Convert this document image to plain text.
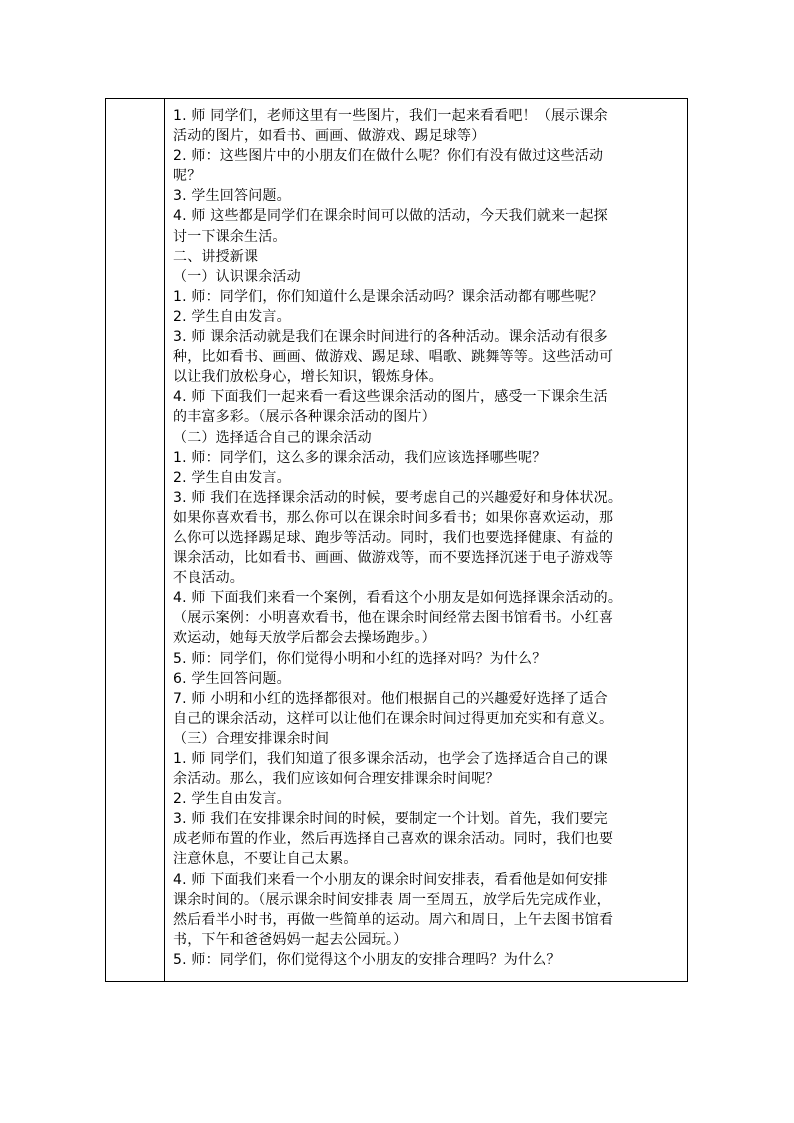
1. 师 同学们，老师这里有一些图片，我们一起来看看吧！（展示课余
活动的图片，如看书、画画、做游戏、踢足球等）
2. 师：这些图片中的小朋友们在做什么呢？你们有没有做过这些活动
呢？
3. 学生回答问题。
4. 师 这些都是同学们在课余时间可以做的活动，今天我们就来一起探
讨一下课余生活。
二、讲授新课
（一）认识课余活动
1. 师：同学们，你们知道什么是课余活动吗？课余活动都有哪些呢？
2. 学生自由发言。
3. 师 课余活动就是我们在课余时间进行的各种活动。课余活动有很多
种，比如看书、画画、做游戏、踢足球、唱歌、跳舞等等。这些活动可
以让我们放松身心，增长知识，锻炼身体。
4. 师 下面我们一起来看一看这些课余活动的图片，感受一下课余生活
的丰富多彩。（展示各种课余活动的图片）
（二）选择适合自己的课余活动
1. 师：同学们，这么多的课余活动，我们应该选择哪些呢？
2. 学生自由发言。
3. 师 我们在选择课余活动的时候，要考虑自己的兴趣爱好和身体状况。
如果你喜欢看书，那么你可以在课余时间多看书；如果你喜欢运动，那
么你可以选择踢足球、跑步等活动。同时，我们也要选择健康、有益的
课余活动，比如看书、画画、做游戏等，而不要选择沉迷于电子游戏等
不良活动。
4. 师 下面我们来看一个案例，看看这个小朋友是如何选择课余活动的。
（展示案例：小明喜欢看书，他在课余时间经常去图书馆看书。小红喜
欢运动，她每天放学后都会去操场跑步。）
5. 师：同学们，你们觉得小明和小红的选择对吗？为什么？
6. 学生回答问题。
7. 师 小明和小红的选择都很对。他们根据自己的兴趣爱好选择了适合
自己的课余活动，这样可以让他们在课余时间过得更加充实和有意义。
（三）合理安排课余时间
1. 师 同学们，我们知道了很多课余活动，也学会了选择适合自己的课
余活动。那么，我们应该如何合理安排课余时间呢？
2. 学生自由发言。
3. 师 我们在安排课余时间的时候，要制定一个计划。首先，我们要完
成老师布置的作业，然后再选择自己喜欢的课余活动。同时，我们也要
注意休息，不要让自己太累。
4. 师 下面我们来看一个小朋友的课余时间安排表，看看他是如何安排
课余时间的。（展示课余时间安排表 周一至周五，放学后先完成作业，
然后看半小时书，再做一些简单的运动。周六和周日，上午去图书馆看
书，下午和爸爸妈妈一起去公园玩。）
5. 师：同学们，你们觉得这个小朋友的安排合理吗？为什么？
